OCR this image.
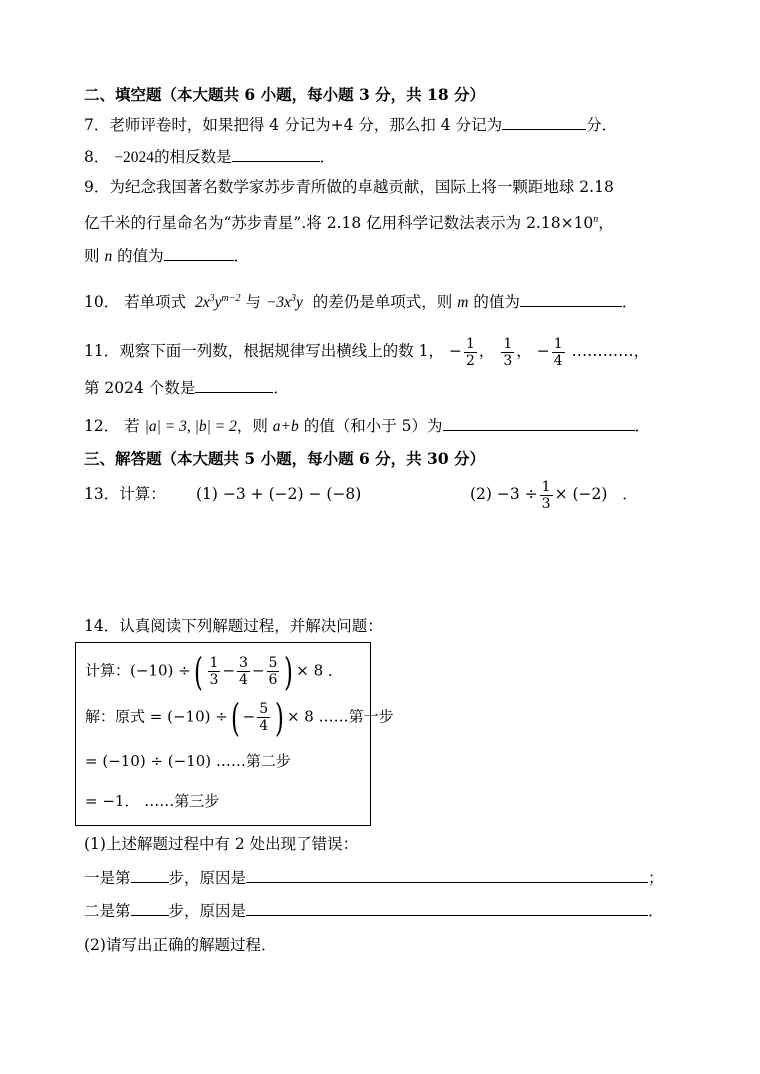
二、填空题（本大题共 6 小题，每小题 3 分，共 18 分）
7．老师评卷时，如果把得 4 分记为+4 分，那么扣 4 分记为	分．
8． −2024的相反数是	．
9．为纪念我国著名数学家苏步青所做的卓越贡献，国际上将一颗距地球 2.18
亿千米的行星命名为“苏步青星”.将 2.18 亿用科学记数法表示为 $2.18\times 10^n$，
则 n 的值为	．
10． 若单项式 $2x^3y^{m-2}$ 与 $-3x^3y$ 的差仍是单项式，则 m 的值为	．
11．观察下面一列数，根据规律写出横线上的数 1， − $\frac{1}{2}$ ， $\frac{1}{3}$ ， − $\frac{1}{4}$ …………，
第 2024 个数是	．
12． 若 |a| = 3, |b| = 2，则 a+b 的值（和小于 5）为	．
三、解答题（本大题共 5 小题，每小题 6 分，共 30 分）
13．计算： (1) −3 + (−2) − (−8)	$(2) -3 \div \frac{1}{3} \times (-2)$ ．
14．认真阅读下列解题过程，并解决问题：
计算：(−10) ÷( $\frac{1}{3} - \frac{3}{4} - \frac{5}{6}$ ) × 8 ．
解：原式 = (−10) ÷( − $\frac{5}{4}$ ) × 8 ……第一步
= (−10) ÷ (−10) ……第二步
= −1． ……第三步
(1)上述解题过程中有 2 处出现了错误：
一是第 步，原因是	；
二是第 步，原因是	．
(2)请写出正确的解题过程．
